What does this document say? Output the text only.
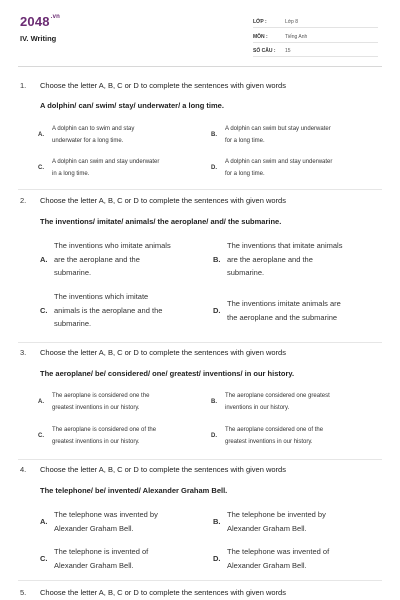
$2048^{.vn}$
IV. Writing
LỚP :	Lớp 8
MÔN :	Tiếng Anh
SỐ CÂU : 15
1. Choose the letter A, B, C or D to complete the sentences with given words
A dolphin/ can/ swim/ stay/ underwater/ a long time.
A.
A dolphin can to swim and stay
underwater for a long time.
B.
A dolphin can swim but stay underwater
for a long time.
C.
A dolphin can swim and stay underwater
in a long time.
D.
A dolphin can swim and stay underwater
for a long time.
2. Choose the letter A, B, C or D to complete the sentences with given words
The inventions/ imitate/ animals/ the aeroplane/ and/ the submarine.
A.
The inventions who imitate animals
are the aeroplane and the
submarine.
B.
The inventions that imitate animals
are the aeroplane and the
submarine.
C.
The inventions which imitate
animals is the aeroplane and the
submarine.
D.
The inventions imitate animals are
the aeroplane and the submarine
3. Choose the letter A, B, C or D to complete the sentences with given words
The aeroplane/ be/ considered/ one/ greatest/ inventions/ in our history.
A.
The aeroplane is considered one the
greatest inventions in our history.
B.
The aeroplane considered one greatest
inventions in our history.
C.
The aeroplane is considered one of the
greatest inventions in our history.
D.
The aeroplane considered one of the
greatest inventions in our history.
4. Choose the letter A, B, C or D to complete the sentences with given words
The telephone/ be/ invented/ Alexander Graham Bell.
A.
The telephone was invented by
Alexander Graham Bell.
B.
The telephone be invented by
Alexander Graham Bell.
C.
The telephone is invented of
Alexander Graham Bell.
D.
The telephone was invented of
Alexander Graham Bell.
5. Choose the letter A, B, C or D to complete the sentences with given words
